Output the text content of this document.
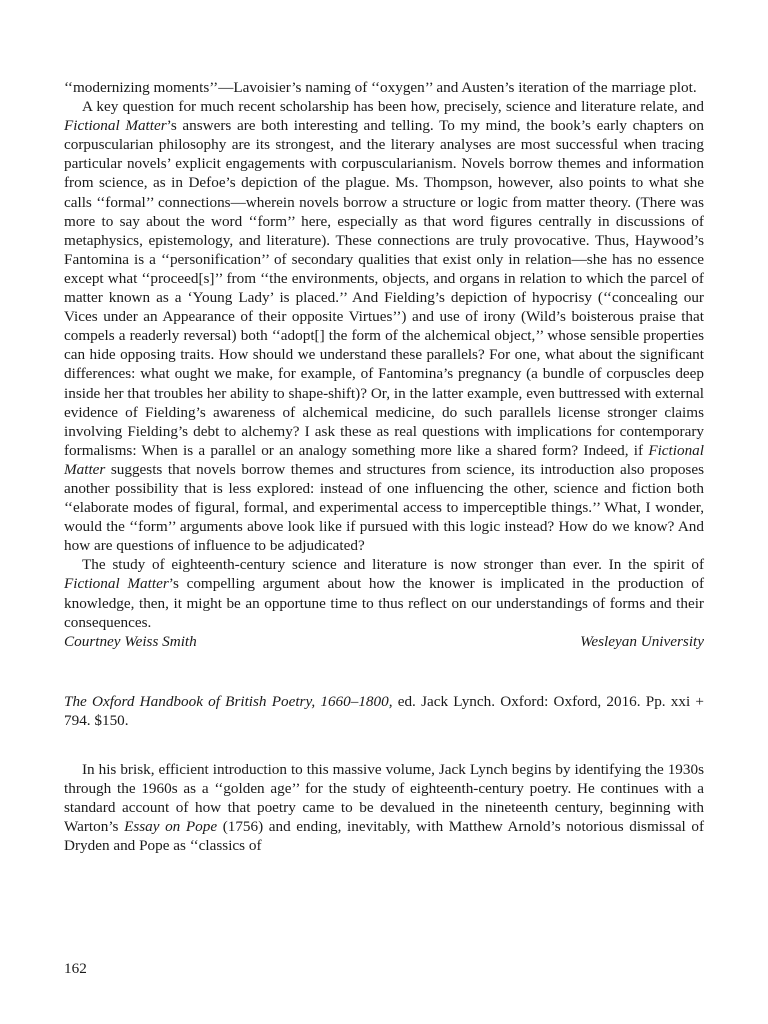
‘‘modernizing moments’’—Lavoisier’s naming of ‘‘oxygen’’ and Austen’s iteration of the marriage plot.

A key question for much recent scholarship has been how, precisely, science and literature relate, and Fictional Matter’s answers are both interesting and telling. To my mind, the book’s early chapters on corpuscularian philosophy are its strongest, and the literary analyses are most successful when tracing particular novels’ explicit engagements with corpuscularianism. Novels borrow themes and information from science, as in Defoe’s depiction of the plague. Ms. Thompson, however, also points to what she calls ‘‘formal’’ connections—wherein novels borrow a structure or logic from matter theory. (There was more to say about the word ‘‘form’’ here, especially as that word figures centrally in discussions of metaphysics, epistemology, and literature). These connections are truly provocative. Thus, Haywood’s Fantomina is a ‘‘personification’’ of secondary qualities that exist only in relation—she has no essence except what ‘‘proceed[s]’’ from ‘‘the environments, objects, and organs in relation to which the parcel of matter known as a ‘Young Lady’ is placed.’’ And Fielding’s depiction of hypocrisy (‘‘concealing our Vices under an Appearance of their opposite Virtues’’) and use of irony (Wild’s boisterous praise that compels a readerly reversal) both ‘‘adopt[] the form of the alchemical object,’’ whose sensible properties can hide opposing traits. How should we understand these parallels? For one, what about the significant differences: what ought we make, for example, of Fantomina’s pregnancy (a bundle of corpuscles deep inside her that troubles her ability to shape-shift)? Or, in the latter example, even buttressed with external evidence of Fielding’s awareness of alchemical medicine, do such parallels license stronger claims involving Fielding’s debt to alchemy? I ask these as real questions with implications for contemporary formalisms: When is a parallel or an analogy something more like a shared form? Indeed, if Fictional Matter suggests that novels borrow themes and structures from science, its introduction also proposes another possibility that is less explored: instead of one influencing the other, science and fiction both ‘‘elaborate modes of figural, formal, and experimental access to imperceptible things.’’ What, I wonder, would the ‘‘form’’ arguments above look like if pursued with this logic instead? How do we know? And how are questions of influence to be adjudicated?

The study of eighteenth-century science and literature is now stronger than ever. In the spirit of Fictional Matter’s compelling argument about how the knower is implicated in the production of knowledge, then, it might be an opportune time to thus reflect on our understandings of forms and their consequences.

Courtney Weiss Smith	Wesleyan University

The Oxford Handbook of British Poetry, 1660–1800, ed. Jack Lynch. Oxford: Oxford, 2016. Pp. xxi + 794. $150.

In his brisk, efficient introduction to this massive volume, Jack Lynch begins by identifying the 1930s through the 1960s as a ‘‘golden age’’ for the study of eighteenth-century poetry. He continues with a standard account of how that poetry came to be devalued in the nineteenth century, beginning with Warton’s Essay on Pope (1756) and ending, inevitably, with Matthew Arnold’s notorious dismissal of Dryden and Pope as ‘‘classics of

162
